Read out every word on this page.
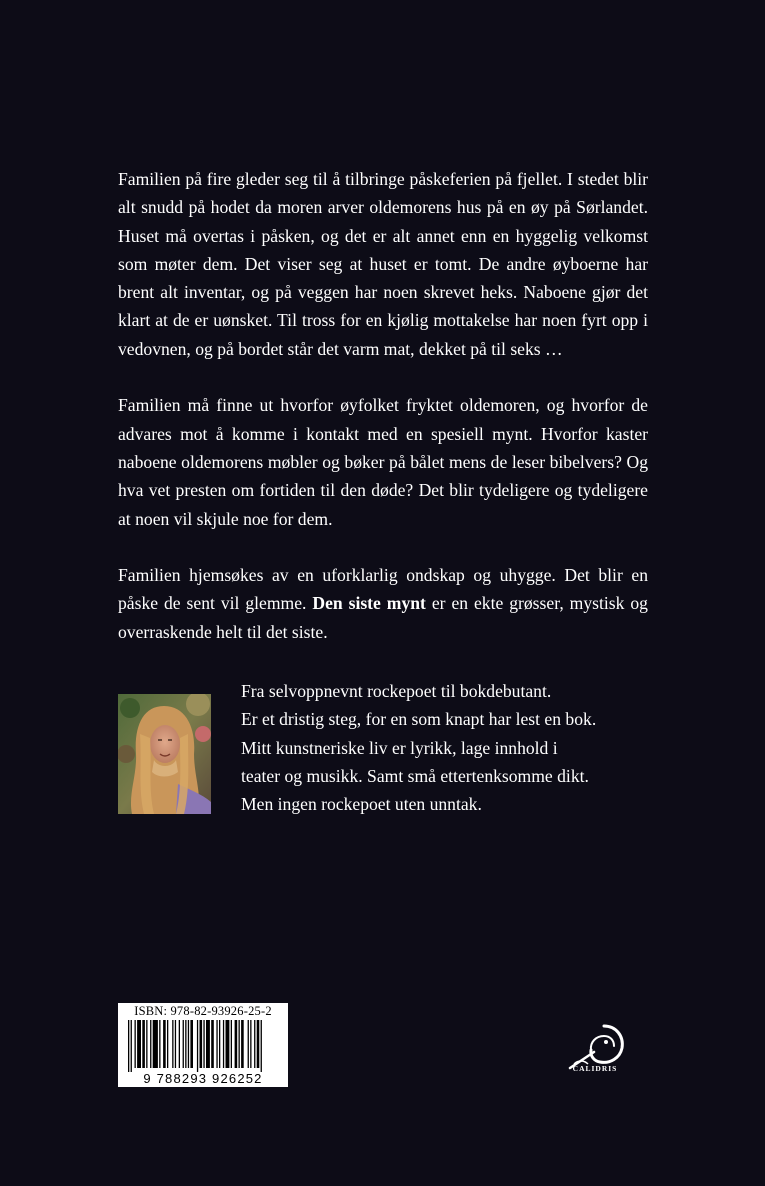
Familien på fire gleder seg til å tilbringe påskeferien på fjellet. I stedet blir alt snudd på hodet da moren arver oldemorens hus på en øy på Sørlandet. Huset må overtas i påsken, og det er alt annet enn en hyggelig velkomst som møter dem. Det viser seg at huset er tomt. De andre øyboerne har brent alt inventar, og på veggen har noen skrevet heks. Naboene gjør det klart at de er uønsket. Til tross for en kjølig mottakelse har noen fyrt opp i vedovnen, og på bordet står det varm mat, dekket på til seks …

Familien må finne ut hvorfor øyfolket fryktet oldemoren, og hvorfor de advares mot å komme i kontakt med en spesiell mynt. Hvorfor kaster naboene oldemorens møbler og bøker på bålet mens de leser bibelvers? Og hva vet presten om fortiden til den døde? Det blir tydeligere og tydeligere at noen vil skjule noe for dem.

Familien hjemsøkes av en uforklarlig ondskap og uhygge. Det blir en påske de sent vil glemme. Den siste mynt er en ekte grøsser, mystisk og overraskende helt til det siste.

Fra selvoppnevnt rockepoet til bokdebutant.
Er et dristig steg, for en som knapt har lest en bok.
Mitt kunstneriske liv er lyrikk, lage innhold i
teater og musikk. Samt små ettertenksomme dikt.
Men ingen rockepoet uten unntak.
ISBN: 978-82-93926-25-2
9 788293 926252
CALIDRIS
